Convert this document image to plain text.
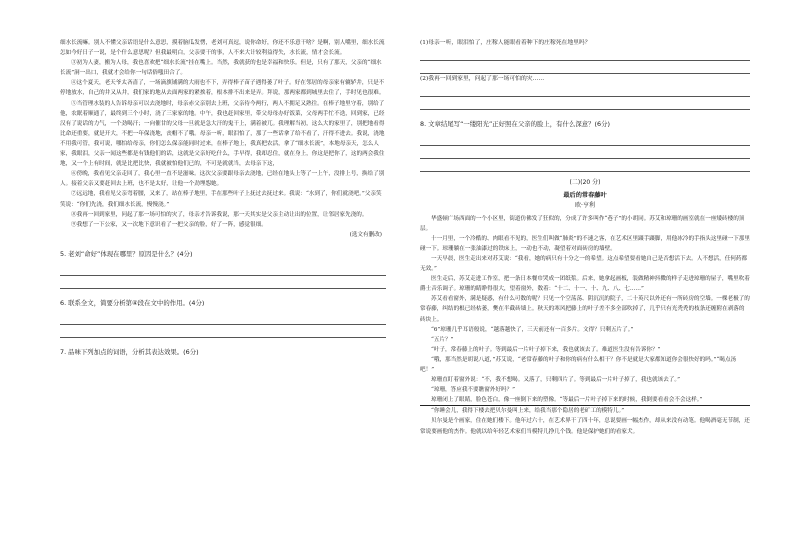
细水长流嘛。别人不懂父亲话语是什么意思，摸着脑瓜发愣，老刘可真逗，说你命好，你还不乐意干啥？是啊，别人嘴里，细水长流怎如今好日子一说，是个什么意思呢？但我最明白，父亲要干的事，人不来大计较利益得失，水长流，情才会长流。

③初为人妻，搬为人母，我也喜欢把“细水长流”挂在嘴上。当然，我就获的也是幸福和快乐。但是，只有了那天，父亲的“细水长流”洞一出口，我就才会给你一句话俗嗤田合了。

④这个夏天，老天爷太吝啬了，一场滴旗铺满的大雨也不下，弄得棒子苗子遇得萎了叶子。好在邻居的母亲家有辘轳井，只是不停地放水，自己的井又从井，我们家的地从去面两家的紧挨着，根本排不出来是弄。拜说，那两家都到城里去住了，手时见也很难。

⑤当管理水装的人告诉母亲可以去浇地时，母亲赤父亲别去上班，父亲待今两行，两人不拥足又熟往。在棒子地里守着，别给了他，农眠着顺通了，最终到三个小时，浇了三家家的地。中午，我也赶回家里，带父母母办好饭菜，父母两手忙不迭，回到家，已经汉有了说话的力气，一个劲喝汗；一向催甘的父母一旦就是急大汗的鬼干上，满着被兀。我理解当初，这么大的家里了，别把地看得比命还重要，就是开大，不把一年保浇地，丧帽不了哦。母亲一听，眼泪怕了，那了一些话拿了给不看了，汗得不进去。我说，浇地不用我可管，我可说，哪怕给母亲，你们怎么保亲能同时过来，在棒子地上，我真把农活，拿了“细水长流”，本地母亲天，怎么人家，我眼泪，父亲一闻这些都是有钱他们的话，这就是父亲好吃什么，手早得，我却忍住，就在身上，你这是把你了，这的两会我住地，又一个上有时间，就是比把比快，我就被怕他们已的，不可是就就当，去母亲下这，

⑥傍晚，我看见父亲走回了，我心里一直不是滋味。这次父亲要跟母亲去浇地，已经在地头上等了一上午，没排上号，换给了别人。接着父亲又要赶回去上班，也不是太好，让他一个劲埋怨她。

⑦远远地，我看见父亲弯着腰，又来了，站在棒子地里，手在那些叶子上抚过去抚过来。我说：“水到了，你们就浇吧。”父亲笑笑说：“你们先浇，我们细水长流，慢慢浇。”

⑧我再一回到家里，问起了那一场可怕的灾了，母亲才告诉我说，那一天其实是父亲主动让出的位置，让邻居家先浇的。

⑨我想了一下公家，又一次地下意识看了一把父亲的脸，好了一阵，感觉很细。

(选文有删改)

5. 老刘“命好”体现在哪里？原因是什么？(4分)

6. 联系全文，简要分析第④段在文中的作用。(4分)

7. 品味下列加点的词语，分析其表达效果。(6分)

(1)母亲一听，眼泪怕了，庄稼人能眼看着种下的庄稼死在地里吗？

(2)我再一回到家里，问起了那一场可怕的灾……

8. 文章结尾写“一缕阳光”正好照在父亲的脸上，有什么深意？(6分)

(二)(20 分)

最后的常春藤叶

欧·亨利

华盛顿广场西面的一个小区里，街道仿佛发了狂似的，分成了许多叫作“巷子”的小胡同。苏艾和琼珊的画室就在一座矮砖楼的顶层。

十一月里，一个冷酷的、肉眼看不见的，医生们叫做“肺炎”的不速之客，在艺术区里蹑手蹑脚，用他冰冷的手指头这里碰一下那里碰一下。琼珊躺在一张油漆过的铁床上，一动也不动，凝望着对面砖房的墙壁。

一天早晨，医生走出来对苏艾说：“我看，她的病只有十分之一的希望。这点希望要看她自己是否想活下去。人不想活，任何药都无效。”

医生走后，苏艾走进工作室，把一条日本餐巾哭成一团纸浆。后来，她拿起画板，装做精神抖擞的样子走进琼珊的屋子，嘴里吹着爵士音乐调子。琼珊的睛睁得很大，望着窗外，数着：“十二、十一、十、九、八、七……”

苏艾看看窗外，满是疑惑，有什么可数的呢？只见一个空荡荡、阴沉沉的院子，二十英尺以外还有一所砖房的空墙。一棵老极了的常春藤，纠结的根已经枯萎，樊在半截砖墙上。秋天的寒风把藤上的叶子差不多全部吹掉了，几乎只有光秃秃的枝条还缠附在剥落的砖块上。

“6”琼珊几乎耳语般说，“越落越快了，三天前还有一百多片。文得？只剩五片了。”

“五片？”

“叶子，常春藤上的叶子。等到最后一片叶子掉下来，我也就该去了。难道医生没有告诉你？”

“哦，那当然是胡说八道，”苏艾说，“老常春藤的叶子和你的病有什么相干？你不是就是大家都知道你会很快好的吗。”“喝点汤吧！”

琼珊直盯着窗外说：“不，我不想喝。又落了，只剩四片了。等到最后一片叶子掉了，我也就该去了。”

“琼珊，答应我不要瞧窗外好吗？”

琼珊闭上了眼睛，脸色苍白，像一座倒下来的塑像。“等最后一片叶子掉下来的时候，我倒要看看会不会这样。”

“你睡会儿，我得下楼去把贝尔曼叫上来，给我当那个隐居的老矿工的模特儿。”

贝尔曼是个画家，住在她们楼下。他年过六十，在艺术界干了四十年，总说要画一幅杰作，却从来没有动笔。他喝酒毫无节制，还常说要画他的杰作。他就以给年轻艺术家们当模特儿挣几个钱。他是保护她们的看家犬。
